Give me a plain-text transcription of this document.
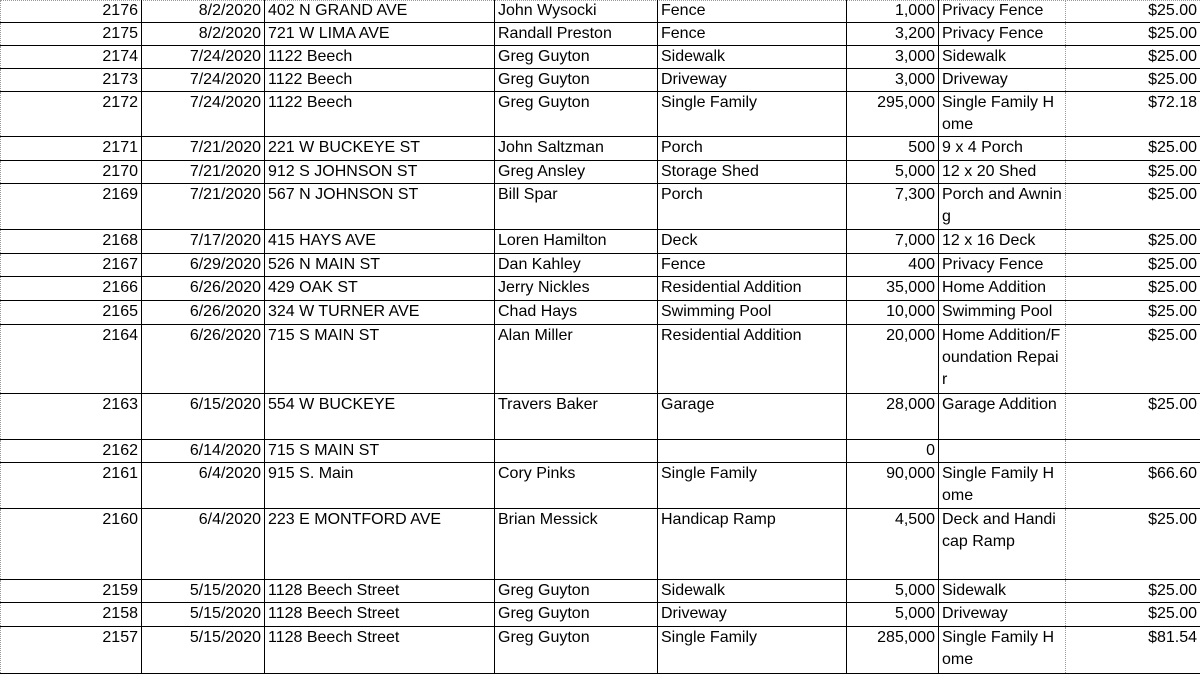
2176	8/2/2020	402 N GRAND AVE	John Wysocki	Fence	1,000	Privacy Fence	$25.00
2175	8/2/2020	721 W LIMA AVE	Randall Preston	Fence	3,200	Privacy Fence	$25.00
2174	7/24/2020	1122 Beech	Greg Guyton	Sidewalk	3,000	Sidewalk	$25.00
2173	7/24/2020	1122 Beech	Greg Guyton	Driveway	3,000	Driveway	$25.00
2172	7/24/2020	1122 Beech	Greg Guyton	Single Family	295,000	Single Family Home	$72.18
2171	7/21/2020	221 W BUCKEYE ST	John Saltzman	Porch	500	9 x 4 Porch	$25.00
2170	7/21/2020	912 S JOHNSON ST	Greg Ansley	Storage Shed	5,000	12 x 20 Shed	$25.00
2169	7/21/2020	567 N JOHNSON ST	Bill Spar	Porch	7,300	Porch and Awning	$25.00
2168	7/17/2020	415 HAYS AVE	Loren Hamilton	Deck	7,000	12 x 16 Deck	$25.00
2167	6/29/2020	526 N MAIN ST	Dan Kahley	Fence	400	Privacy Fence	$25.00
2166	6/26/2020	429 OAK ST	Jerry Nickles	Residential Addition	35,000	Home Addition	$25.00
2165	6/26/2020	324 W TURNER AVE	Chad Hays	Swimming Pool	10,000	Swimming Pool	$25.00
2164	6/26/2020	715 S MAIN ST	Alan Miller	Residential Addition	20,000	Home Addition/Foundation Repair	$25.00
2163	6/15/2020	554 W BUCKEYE	Travers Baker	Garage	28,000	Garage Addition	$25.00
2162	6/14/2020	715 S MAIN ST			0		
2161	6/4/2020	915 S. Main	Cory Pinks	Single Family	90,000	Single Family Home	$66.60
2160	6/4/2020	223 E MONTFORD AVE	Brian Messick	Handicap Ramp	4,500	Deck and Handicap Ramp	$25.00
2159	5/15/2020	1128 Beech Street	Greg Guyton	Sidewalk	5,000	Sidewalk	$25.00
2158	5/15/2020	1128 Beech Street	Greg Guyton	Driveway	5,000	Driveway	$25.00
2157	5/15/2020	1128 Beech Street	Greg Guyton	Single Family	285,000	Single Family Home	$81.54
